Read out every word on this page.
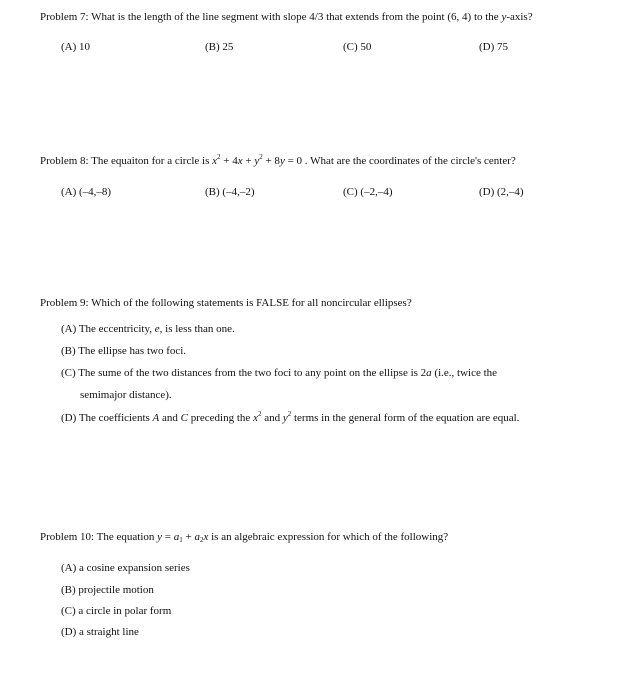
Problem 7: What is the length of the line segment with slope 4/3 that extends from the point (6, 4) to the y-axis?
(A) 10	(B) 25	(C) 50	(D) 75
Problem 8: The equaiton for a circle is $x^2 + 4x + y^2 + 8y = 0$ . What are the coordinates of the circle's center?
(A) (–4,–8)	(B) (–4,–2)	(C) (–2,–4)	(D) (2,–4)
Problem 9: Which of the following statements is FALSE for all noncircular ellipses?
(A) The eccentricity, e, is less than one.
(B) The ellipse has two foci.
(C) The sume of the two distances from the two foci to any point on the ellipse is 2a (i.e., twice the
semimajor distance).
(D) The coefficients A and C preceding the $x^2$ and $y^2$ terms in the general form of the equation are equal.
Problem 10: The equation $y = a_1 + a_2x$ is an algebraic expression for which of the following?
(A) a cosine expansion series
(B) projectile motion
(C) a circle in polar form
(D) a straight line
